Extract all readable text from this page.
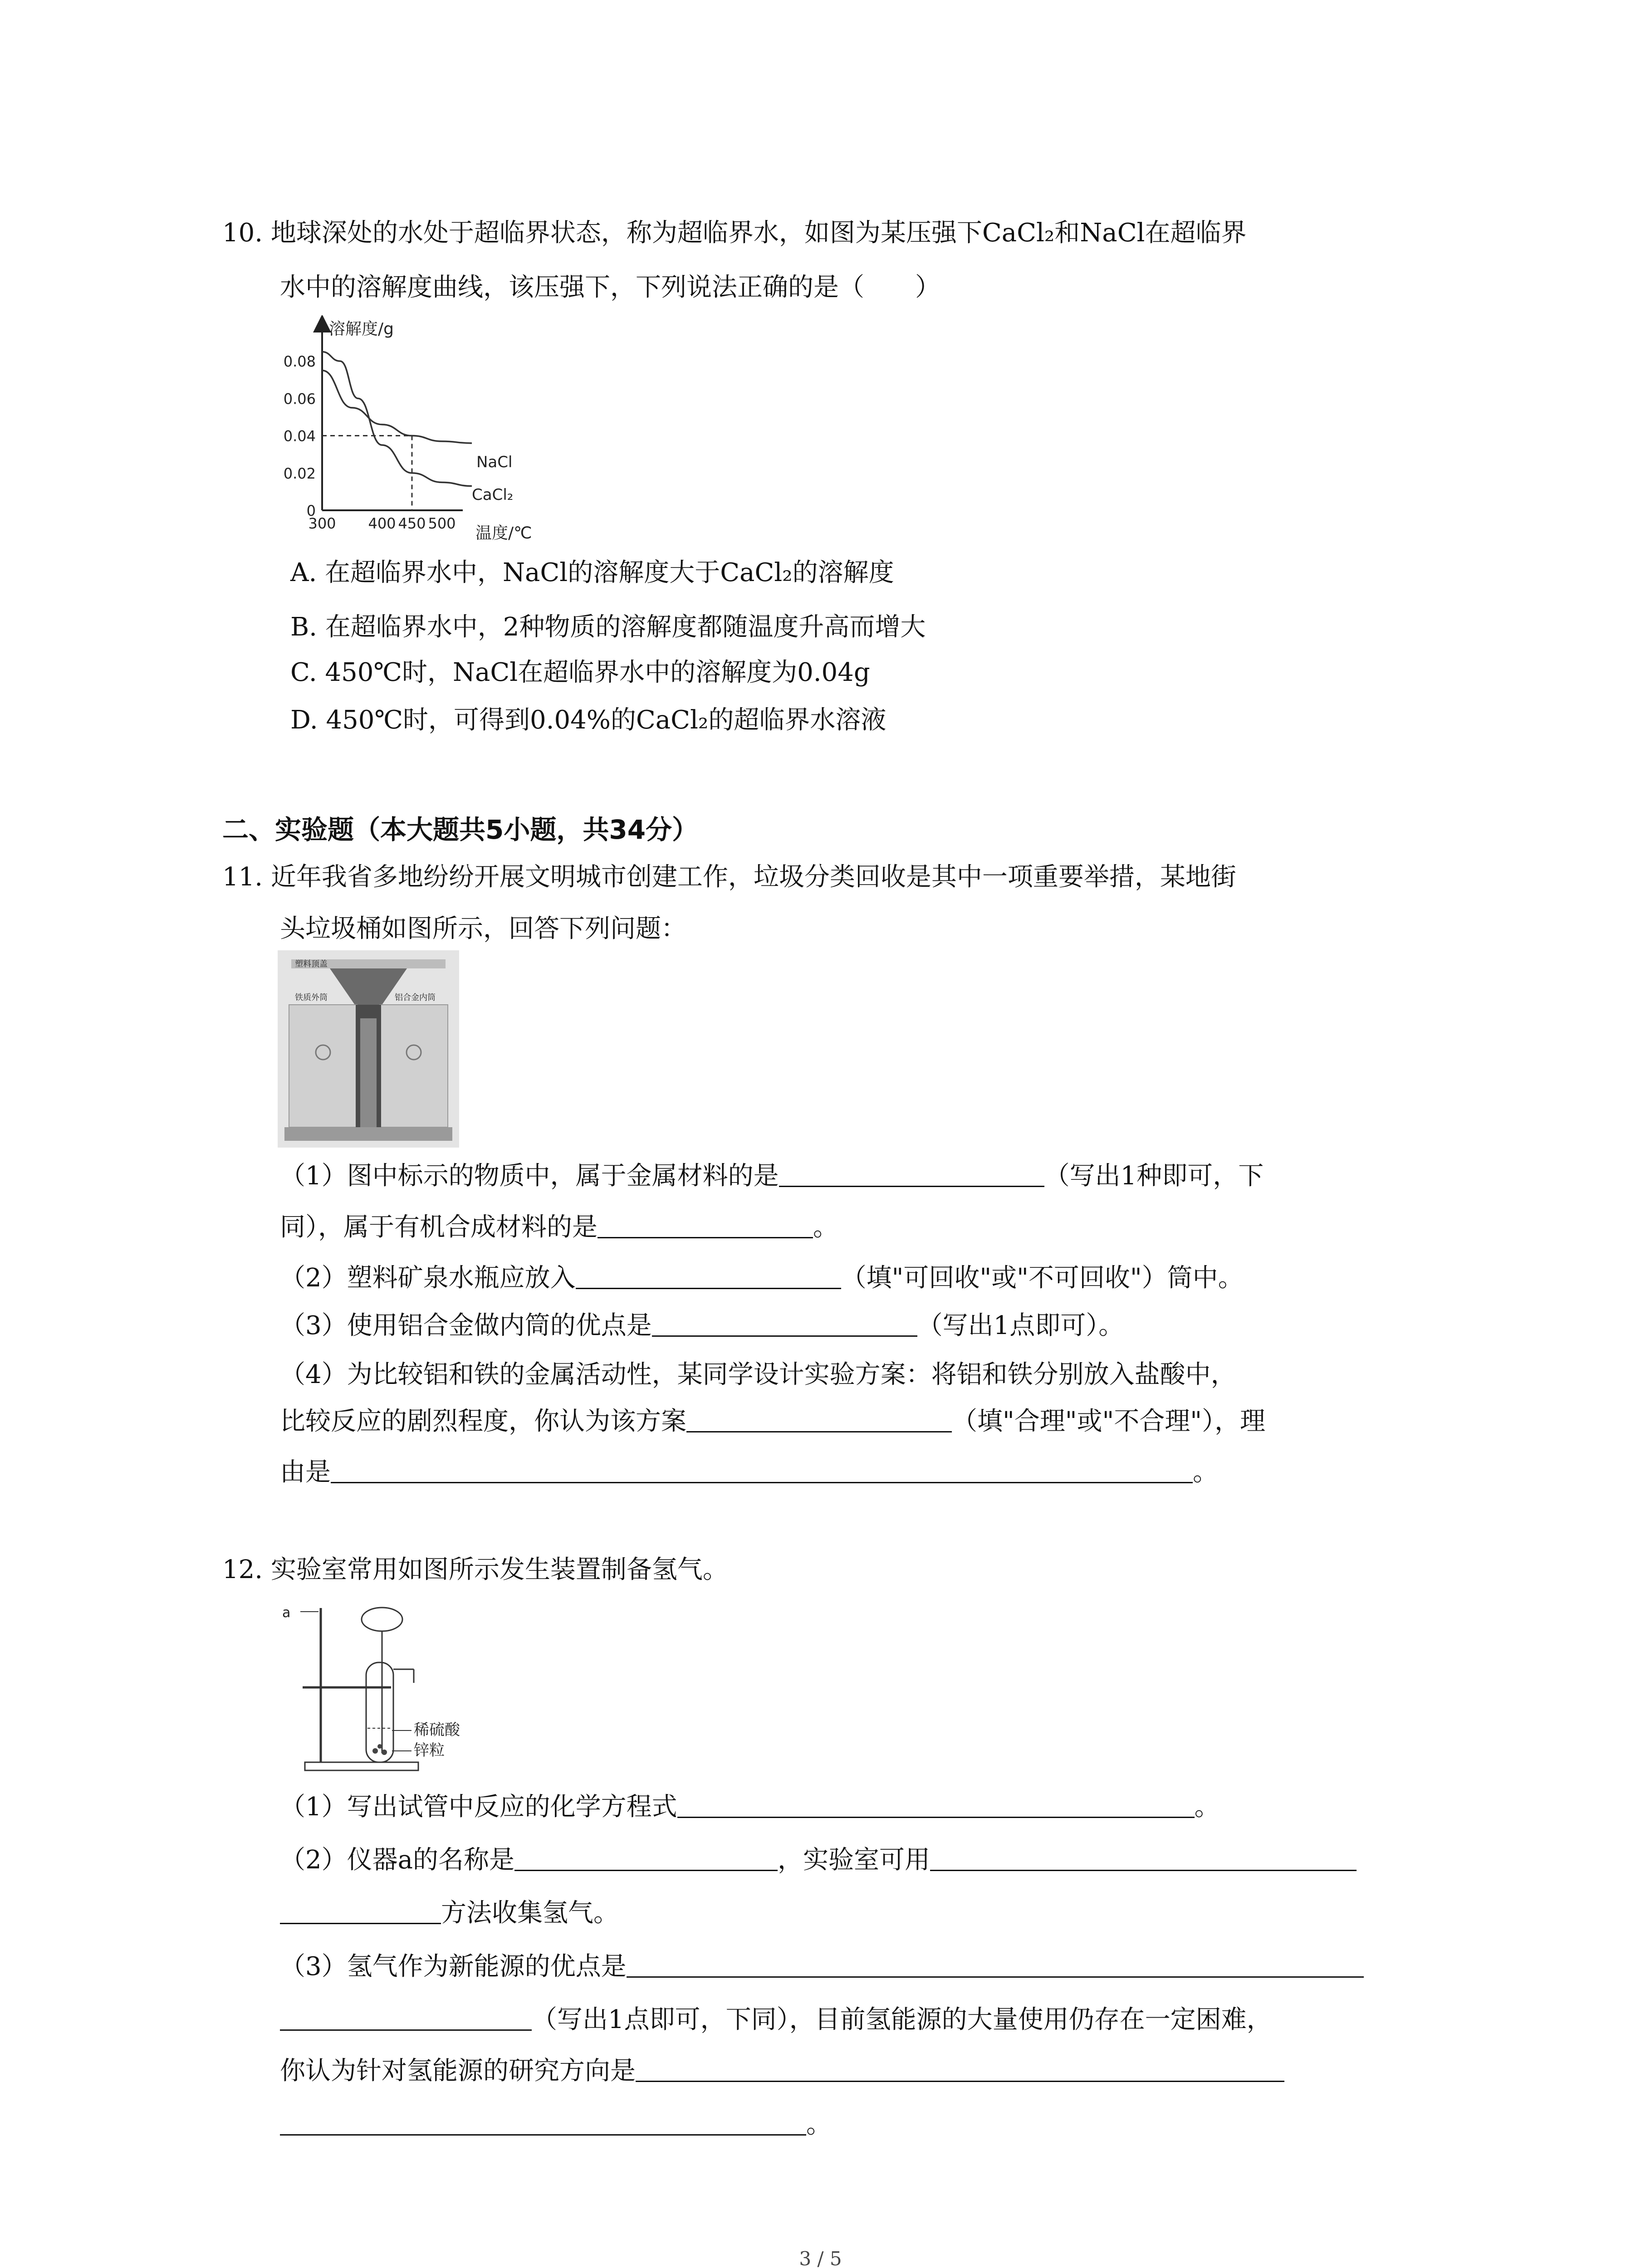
10. 地球深处的水处于超临界状态，称为超临界水，如图为某压强下CaCl₂和NaCl在超临界
水中的溶解度曲线，该压强下，下列说法正确的是（　　）
溶解度/g
温度/℃
0.08
0.06
0.04
0.02
0
300 400 450 500
NaCl
CaCl₂
A. 在超临界水中，NaCl的溶解度大于CaCl₂的溶解度
B. 在超临界水中，2种物质的溶解度都随温度升高而增大
C. 450℃时，NaCl在超临界水中的溶解度为0.04g
D. 450℃时，可得到0.04%的CaCl₂的超临界水溶液
二、实验题（本大题共5小题，共34分）
11. 近年我省多地纷纷开展文明城市创建工作，垃圾分类回收是其中一项重要举措，某地街
头垃圾桶如图所示，回答下列问题：
塑料顶盖
铁质外筒	铝合金内筒
（1）图中标示的物质中，属于金属材料的是	（写出1种即可，下
同），属于有机合成材料的是	。
（2）塑料矿泉水瓶应放入	（填"可回收"或"不可回收"）筒中。
（3）使用铝合金做内筒的优点是	（写出1点即可）。
（4）为比较铝和铁的金属活动性，某同学设计实验方案：将铝和铁分别放入盐酸中，
比较反应的剧烈程度，你认为该方案	（填"合理"或"不合理"），理
由是	。
12. 实验室常用如图所示发生装置制备氢气。
a
稀硫酸
锌粒
（1）写出试管中反应的化学方程式	。
（2）仪器a的名称是	，实验室可用
方法收集氢气。
（3）氢气作为新能源的优点是
（写出1点即可，下同），目前氢能源的大量使用仍存在一定困难，
你认为针对氢能源的研究方向是
。
3 / 5
